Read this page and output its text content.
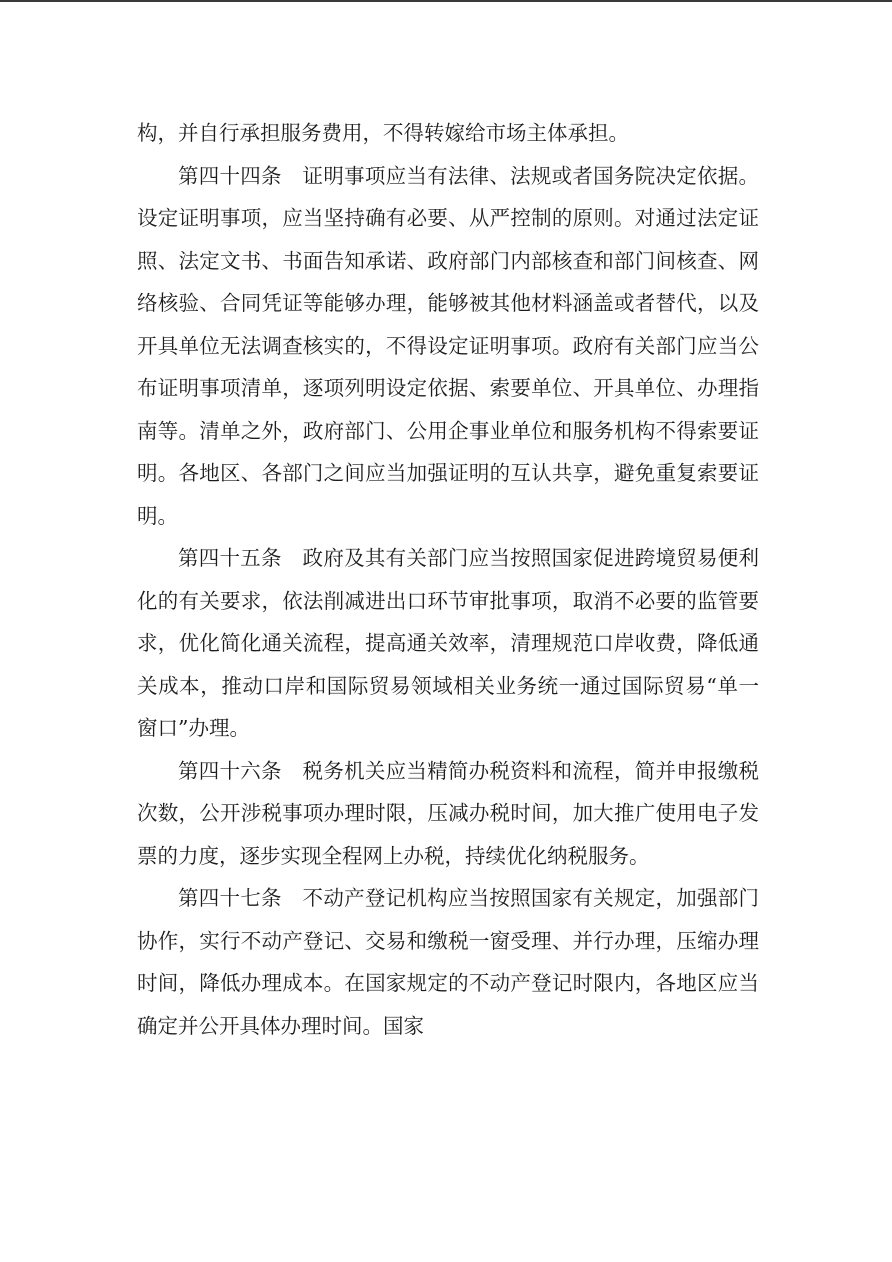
构，并自行承担服务费用，不得转嫁给市场主体承担。

第四十四条 证明事项应当有法律、法规或者国务院决定依据。设定证明事项，应当坚持确有必要、从严控制的原则。对通过法定证照、法定文书、书面告知承诺、政府部门内部核查和部门间核查、网络核验、合同凭证等能够办理，能够被其他材料涵盖或者替代，以及开具单位无法调查核实的，不得设定证明事项。政府有关部门应当公布证明事项清单，逐项列明设定依据、索要单位、开具单位、办理指南等。清单之外，政府部门、公用企事业单位和服务机构不得索要证明。各地区、各部门之间应当加强证明的互认共享，避免重复索要证明。

第四十五条 政府及其有关部门应当按照国家促进跨境贸易便利化的有关要求，依法削减进出口环节审批事项，取消不必要的监管要求，优化简化通关流程，提高通关效率，清理规范口岸收费，降低通关成本，推动口岸和国际贸易领域相关业务统一通过国际贸易“单一窗口”办理。

第四十六条 税务机关应当精简办税资料和流程，简并申报缴税次数，公开涉税事项办理时限，压减办税时间，加大推广使用电子发票的力度，逐步实现全程网上办税，持续优化纳税服务。

第四十七条 不动产登记机构应当按照国家有关规定，加强部门协作，实行不动产登记、交易和缴税一窗受理、并行办理，压缩办理时间，降低办理成本。在国家规定的不动产登记时限内，各地区应当确定并公开具体办理时间。国家
